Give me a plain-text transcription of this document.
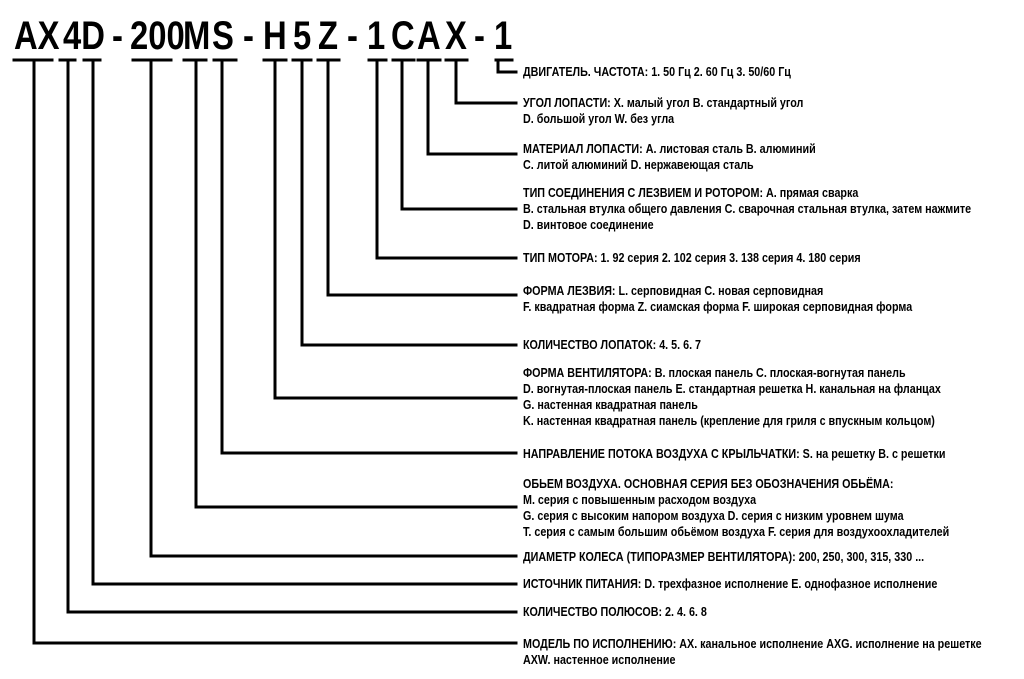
AX 4D - 200
M S - H 5 Z - 1 C A X - 1
ДВИГАТЕЛЬ. ЧАСТОТА: 1. 50 Гц 2. 60 Гц 3. 50/60 Гц
УГОЛ ЛОПАСТИ: X. малый угол B. стандартный угол
D. большой угол W. без угла
МАТЕРИАЛ ЛОПАСТИ: A. листовая сталь B. алюминий
C. литой алюминий D. нержавеющая сталь
ТИП СОЕДИНЕНИЯ С ЛЕЗВИЕМ И РОТОРОМ: A. прямая сварка
B. стальная втулка общего давления C. сварочная стальная втулка, затем нажмите
D. винтовое соединение
ТИП МОТОРА: 1. 92 серия 2. 102 серия 3. 138 серия 4. 180 серия
ФОРМА ЛЕЗВИЯ: L. серповидная C. новая серповидная
F. квадратная форма Z. сиамская форма F. широкая серповидная форма
КОЛИЧЕСТВО ЛОПАТОК: 4. 5. 6. 7
ФОРМА ВЕНТИЛЯТОРА: B. плоская панель C. плоская-вогнутая панель
D. вогнутая-плоская панель E. стандартная решетка H. канальная на фланцах
G. настенная квадратная панель
K. настенная квадратная панель (крепление для гриля с впускным кольцом)
НАПРАВЛЕНИЕ ПОТОКА ВОЗДУХА С КРЫЛЬЧАТКИ: S. на решетку B. с решетки
ОБЬЕМ ВОЗДУХА. ОСНОВНАЯ СЕРИЯ БЕЗ ОБОЗНАЧЕНИЯ ОБЬЁМА:
M. серия с повышенным расходом воздуха
G. серия с высоким напором воздуха D. серия с низким уровнем шума
T. серия с самым большим обьёмом воздуха F. серия для воздухоохладителей
ДИАМЕТР КОЛЕСА (ТИПОРАЗМЕР ВЕНТИЛЯТОРА): 200, 250, 300, 315, 330 ...
ИСТОЧНИК ПИТАНИЯ: D. трехфазное исполнение E. однофазное исполнение
КОЛИЧЕСТВО ПОЛЮСОВ: 2. 4. 6. 8
МОДЕЛЬ ПО ИСПОЛНЕНИЮ: AX. канальное исполнение AXG. исполнение на решетке
AXW. настенное исполнение
